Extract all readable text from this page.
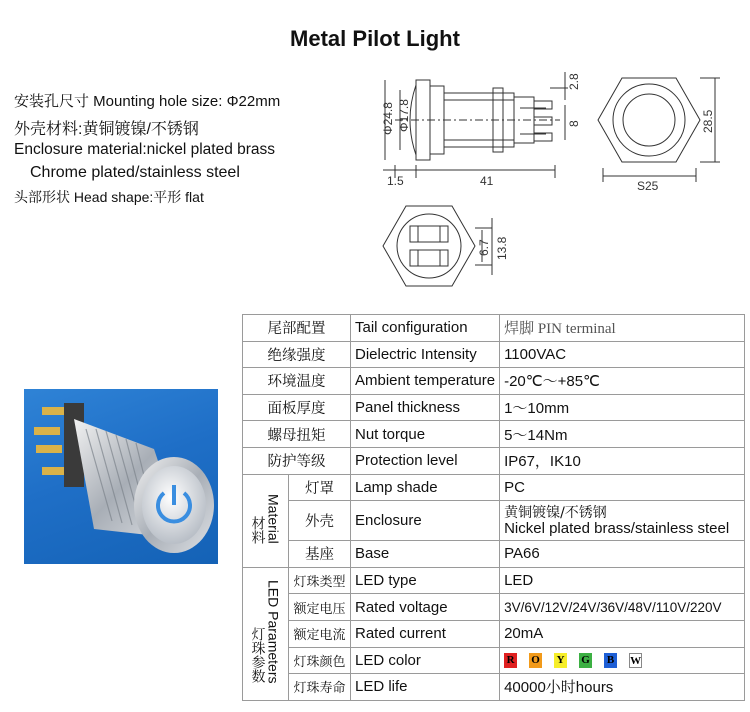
Metal Pilot Light
安装孔尺寸 Mounting hole size: Φ22mm
外壳材料:黄铜镀镍/不锈钢
Enclosure material:nickel plated brass
Chrome plated/stainless steel
头部形状 Head shape:平形 flat
Φ24.8 Φ17.8
2.8
8
1.5	41	S25
28.5
6.7 13.8
尾部配置		Tail configuration	焊脚 PIN terminal
绝缘强度		Dielectric Intensity	1100VAC
环境温度		Ambient temperature	-20℃～+85℃
面板厚度		Panel thickness	1～10mm
螺母扭矩		Nut torque	5～14Nm
防护等级		Protection level	IP67，IK10
材料Material	灯罩	Lamp shade	PC
	外壳	Enclosure	黄铜镀镍/不锈钢
Nickel plated brass/stainless steel

	基座	Base	PA66
灯珠参数LED Parameters	灯珠类型	LED type	LED
	额定电压	Rated voltage	3V/6V/12V/24V/36V/48V/110V/220V
	额定电流	Rated current	20mA
	灯珠颜色	LED color	R O Y G B W
	灯珠寿命	LED life	40000小时hours
